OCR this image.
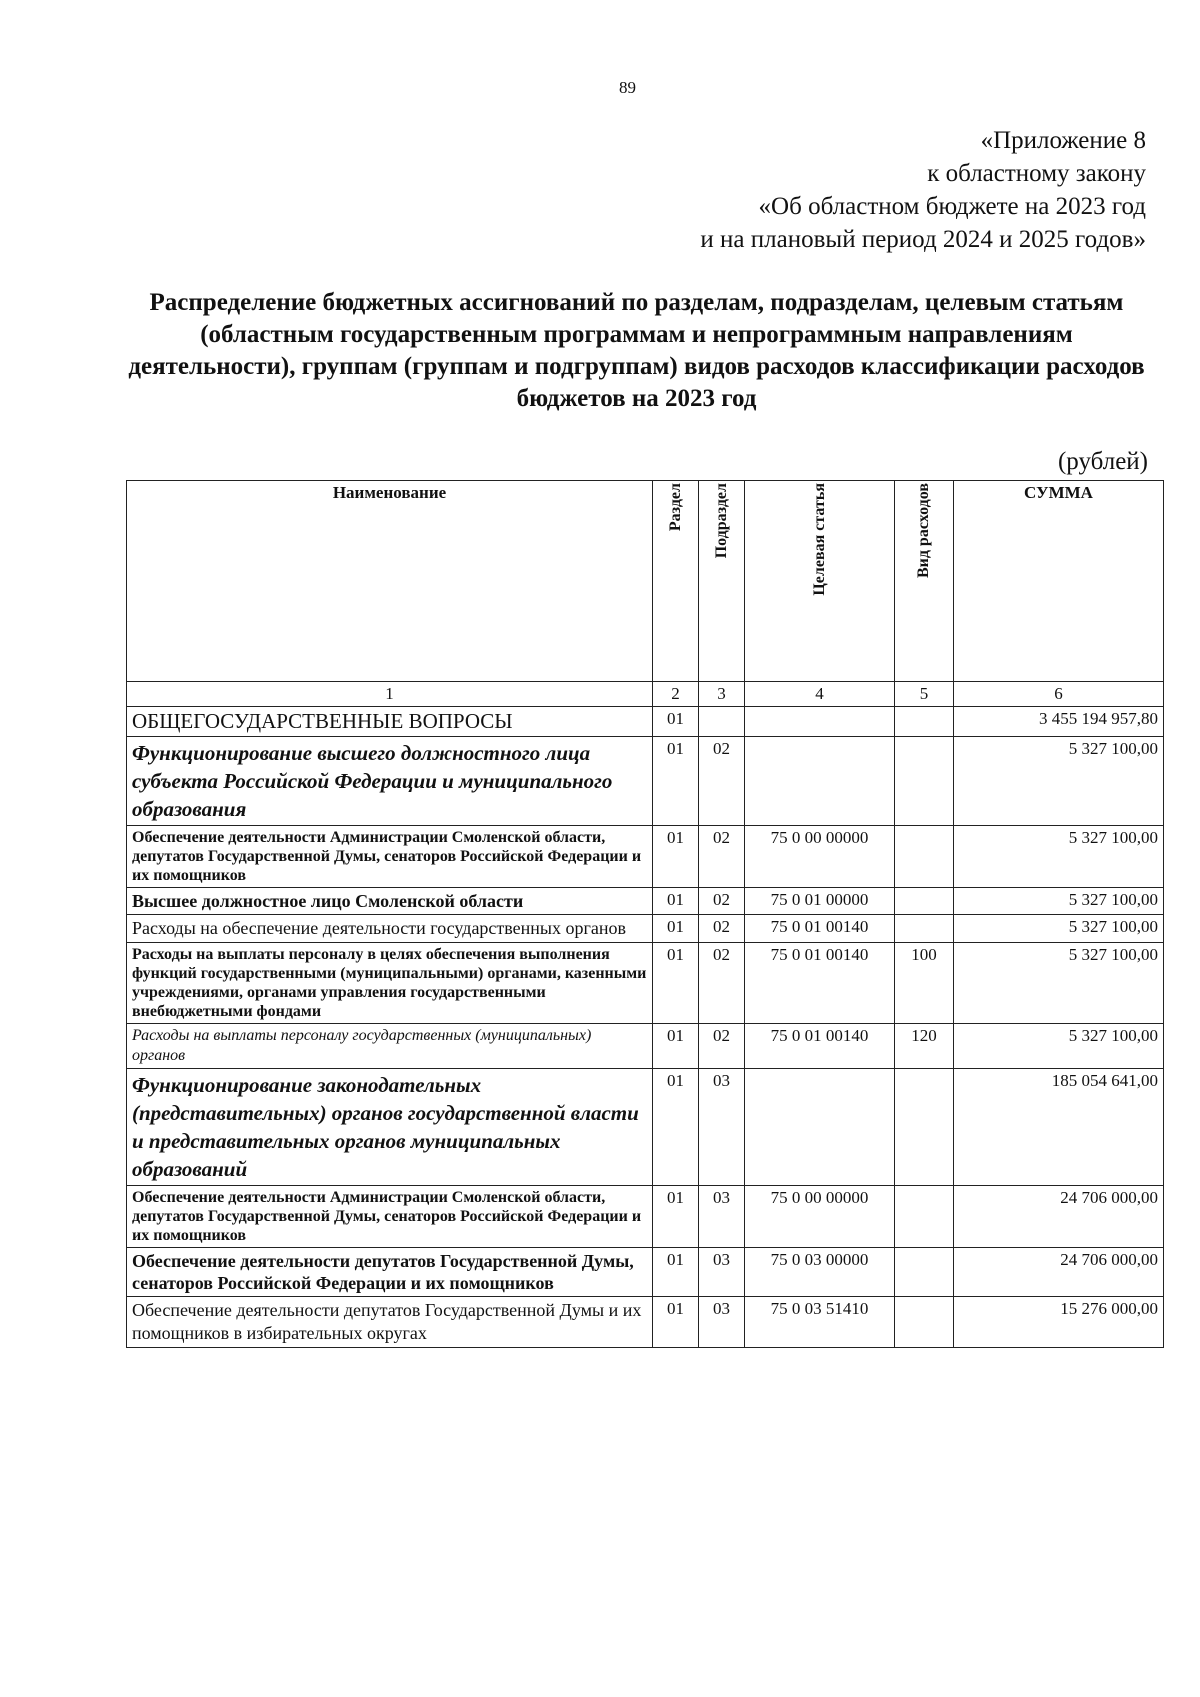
89
«Приложение 8
к областному закону
«Об областном бюджете на 2023 год
и на плановый период 2024 и 2025 годов»
Распределение бюджетных ассигнований по разделам, подразделам, целевым статьям (областным государственным программам и непрограммным направлениям деятельности), группам (группам и подгруппам) видов расходов классификации расходов бюджетов на 2023 год
(рублей)
Наименование	Раздел	Подраздел	Целевая статья	Вид расходов	СУММА
1	2	3	4	5	6
ОБЩЕГОСУДАРСТВЕННЫЕ ВОПРОСЫ	01				3 455 194 957,80
Функционирование высшего должностного лица субъекта Российской Федерации и муниципального образования	01	02			5 327 100,00
Обеспечение деятельности Администрации Смоленской области, депутатов Государственной Думы, сенаторов Российской Федерации и их помощников	01	02	75 0 00 00000		5 327 100,00
Высшее должностное лицо Смоленской области	01	02	75 0 01 00000		5 327 100,00
Расходы на обеспечение деятельности государственных органов	01	02	75 0 01 00140		5 327 100,00
Расходы на выплаты персоналу в целях обеспечения выполнения функций государственными (муниципальными) органами, казенными учреждениями, органами управления государственными внебюджетными фондами	01	02	75 0 01 00140	100	5 327 100,00
Расходы на выплаты персоналу государственных (муниципальных) органов	01	02	75 0 01 00140	120	5 327 100,00
Функционирование законодательных (представительных) органов государственной власти и представительных органов муниципальных образований	01	03			185 054 641,00
Обеспечение деятельности Администрации Смоленской области, депутатов Государственной Думы, сенаторов Российской Федерации и их помощников	01	03	75 0 00 00000		24 706 000,00
Обеспечение деятельности депутатов Государственной Думы, сенаторов Российской Федерации и их помощников	01	03	75 0 03 00000		24 706 000,00
Обеспечение деятельности депутатов Государственной Думы и их помощников в избирательных округах	01	03	75 0 03 51410		15 276 000,00
